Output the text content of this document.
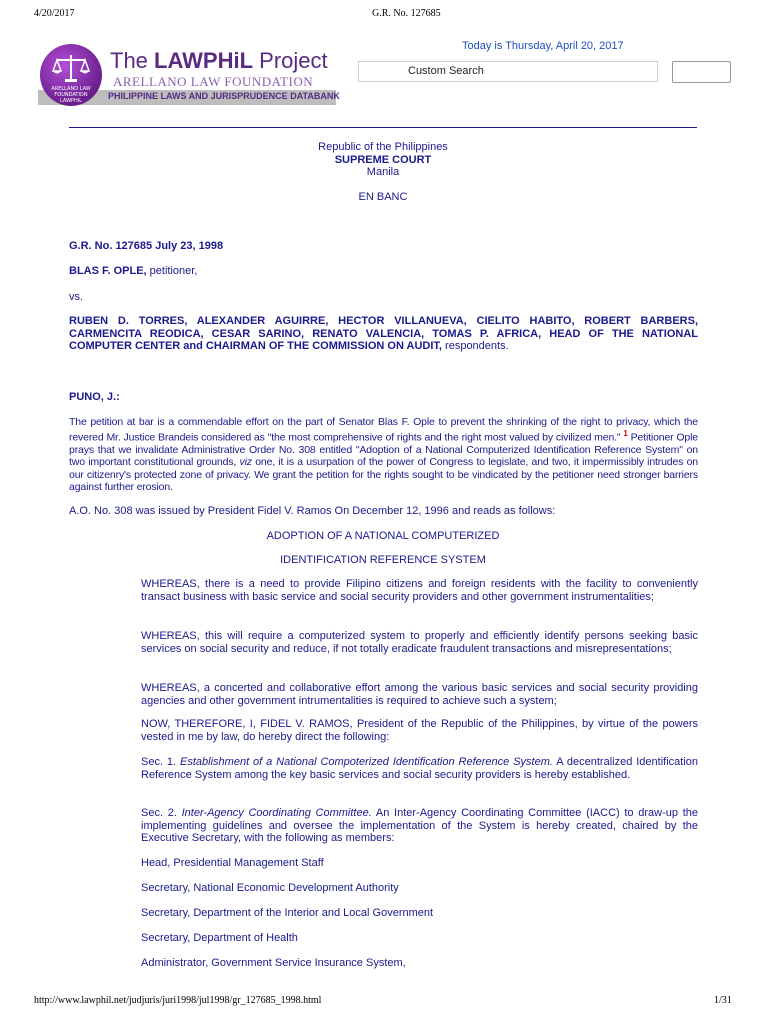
4/20/2017	G.R. No. 127685
PHILIPPINE LAWS AND JURISPRUDENCE DATABANK
ARELLANO LAW FOUNDATION LAWPHiL
The LAWPHiL Project
ARELLANO LAW FOUNDATION
Today is Thursday, April 20, 2017
Custom Search
Republic of the Philippines
SUPREME COURT
Manila
EN BANC
G.R. No. 127685 July 23, 1998
BLAS F. OPLE, petitioner,
vs.
RUBEN D. TORRES, ALEXANDER AGUIRRE, HECTOR VILLANUEVA, CIELITO HABITO, ROBERT BARBERS, CARMENCITA REODICA, CESAR SARINO, RENATO VALENCIA, TOMAS P. AFRICA, HEAD OF THE NATIONAL COMPUTER CENTER and CHAIRMAN OF THE COMMISSION ON AUDIT, respondents.
PUNO, J.:
The petition at bar is a commendable effort on the part of Senator Blas F. Ople to prevent the shrinking of the right to privacy, which the revered Mr. Justice Brandeis considered as "the most comprehensive of rights and the right most valued by civilized men." $^1$ Petitioner Ople prays that we invalidate Administrative Order No. 308 entitled "Adoption of a National Computerized Identification Reference System" on two important constitutional grounds, viz one, it is a usurpation of the power of Congress to legislate, and two, it impermissibly intrudes on our citizenry's protected zone of privacy. We grant the petition for the rights sought to be vindicated by the petitioner need stronger barriers against further erosion.
A.O. No. 308 was issued by President Fidel V. Ramos On December 12, 1996 and reads as follows:
ADOPTION OF A NATIONAL COMPUTERIZED
IDENTIFICATION REFERENCE SYSTEM
WHEREAS, there is a need to provide Filipino citizens and foreign residents with the facility to conveniently transact business with basic service and social security providers and other government instrumentalities;
WHEREAS, this will require a computerized system to properly and efficiently identify persons seeking basic services on social security and reduce, if not totally eradicate fraudulent transactions and misrepresentations;
WHEREAS, a concerted and collaborative effort among the various basic services and social security providing agencies and other government intrumentalities is required to achieve such a system;
NOW, THEREFORE, I, FIDEL V. RAMOS, President of the Republic of the Philippines, by virtue of the powers vested in me by law, do hereby direct the following:
Sec. 1. Establishment of a National Compoterized Identification Reference System. A decentralized Identification Reference System among the key basic services and social security providers is hereby established.
Sec. 2. Inter-Agency Coordinating Committee. An Inter-Agency Coordinating Committee (IACC) to draw-up the implementing guidelines and oversee the implementation of the System is hereby created, chaired by the Executive Secretary, with the following as members:
Head, Presidential Management Staff
Secretary, National Economic Development Authority
Secretary, Department of the Interior and Local Government
Secretary, Department of Health
Administrator, Government Service Insurance System,
http://www.lawphil.net/judjuris/juri1998/jul1998/gr_127685_1998.html	1/31
